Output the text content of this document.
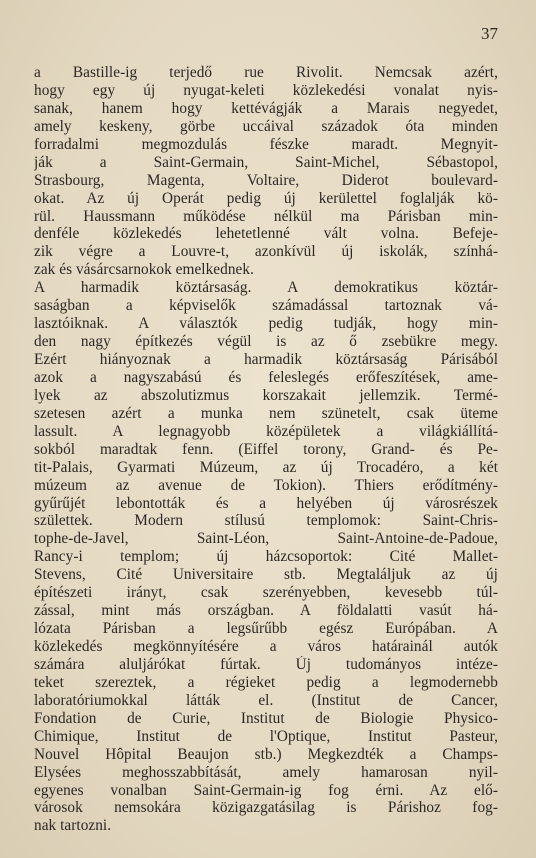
37
a Bastille-ig terjedő rue Rivolit. Nemcsak azért,
hogy egy új nyugat-keleti közlekedési vonalat nyis-
sanak, hanem hogy kettévágják a Marais negyedet,
amely keskeny, görbe uccáival századok óta minden
forradalmi megmozdulás fészke maradt. Megnyit-
ják a Saint-Germain, Saint-Michel, Sébastopol,
Strasbourg, Magenta, Voltaire, Diderot boulevard-
okat. Az új Operát pedig új kerülettel foglalják kö-
rül. Haussmann működése nélkül ma Párisban min-
denféle közlekedés lehetetlenné vált volna. Befeje-
zik végre a Louvre-t, azonkívül új iskolák, színhá-
zak és vásárcsarnokok emelkednek.
A harmadik köztársaság. A demokratikus köztár-
saságban a képviselők számadással tartoznak vá-
lasztóiknak. A választók pedig tudják, hogy min-
den nagy építkezés végül is az ő zsebükre megy.
Ezért hiányoznak a harmadik köztársaság Párisából
azok a nagyszabású és feleslegés erőfeszítések, ame-
lyek az abszolutizmus korszakait jellemzik. Termé-
szetesen azért a munka nem szünetelt, csak üteme
lassult. A legnagyobb középületek a világkiállítá-
sokból maradtak fenn. (Eiffel torony, Grand- és Pe-
tit-Palais, Gyarmati Múzeum, az új Trocadéro, a két
múzeum az avenue de Tokion). Thiers erődítmény-
gyűrűjét lebontották és a helyében új városrészek
születtek. Modern stílusú templomok: Saint-Chris-
tophe-de-Javel, Saint-Léon, Saint-Antoine-de-Padoue,
Rancy-i templom; új házcsoportok: Cité Mallet-
Stevens, Cité Universitaire stb. Megtaláljuk az új
építészeti irányt, csak szerényebben, kevesebb túl-
zással, mint más országban. A földalatti vasút há-
lózata Párisban a legsűrűbb egész Európában. A
közlekedés megkönnyítésére a város határainál autók
számára aluljárókat fúrtak. Új tudományos intéze-
teket szereztek, a régieket pedig a legmodernebb
laboratóriumokkal látták el. (Institut de Cancer,
Fondation de Curie, Institut de Biologie Physico-
Chimique, Institut de l'Optique, Institut Pasteur,
Nouvel Hôpital Beaujon stb.) Megkezdték a Champs-
Elysées meghosszabbítását, amely hamarosan nyil-
egyenes vonalban Saint-Germain-ig fog érni. Az elő-
városok nemsokára közigazgatásilag is Párishoz fog-
nak tartozni.
